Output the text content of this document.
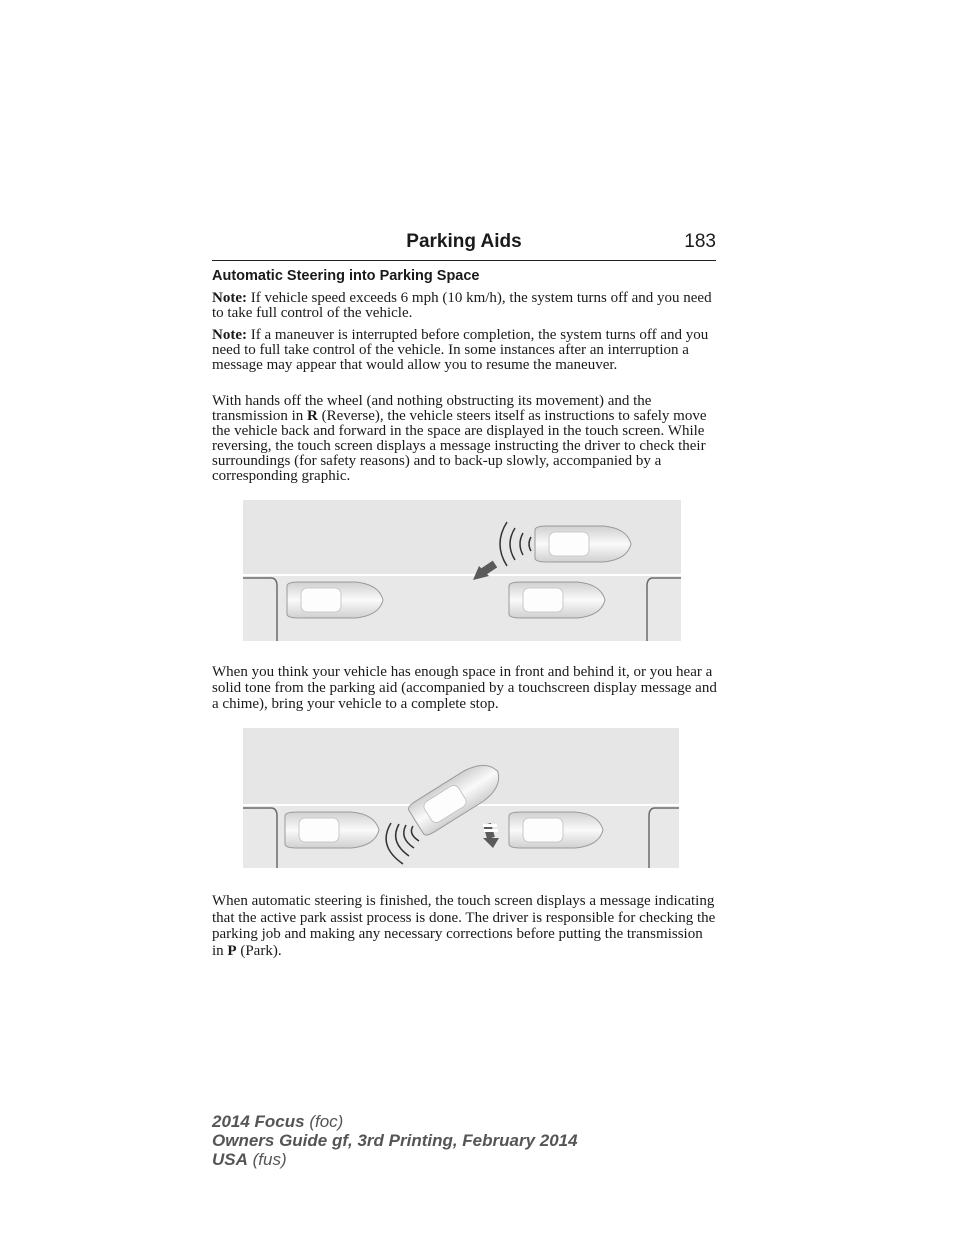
Parking Aids	183
Automatic Steering into Parking Space
Note: If vehicle speed exceeds 6 mph (10 km/h), the system turns off and you need to take full control of the vehicle.
Note: If a maneuver is interrupted before completion, the system turns off and you need to full take control of the vehicle. In some instances after an interruption a message may appear that would allow you to resume the maneuver.
With hands off the wheel (and nothing obstructing its movement) and the transmission in R (Reverse), the vehicle steers itself as instructions to safely move the vehicle back and forward in the space are displayed in the touch screen. While reversing, the touch screen displays a message instructing the driver to check their surroundings (for safety reasons) and to back-up slowly, accompanied by a corresponding graphic.
When you think your vehicle has enough space in front and behind it, or you hear a solid tone from the parking aid (accompanied by a touchscreen display message and a chime), bring your vehicle to a complete stop.
When automatic steering is finished, the touch screen displays a message indicating that the active park assist process is done. The driver is responsible for checking the parking job and making any necessary corrections before putting the transmission in P (Park).
2014 Focus (foc)
Owners Guide gf, 3rd Printing, February 2014
USA (fus)
